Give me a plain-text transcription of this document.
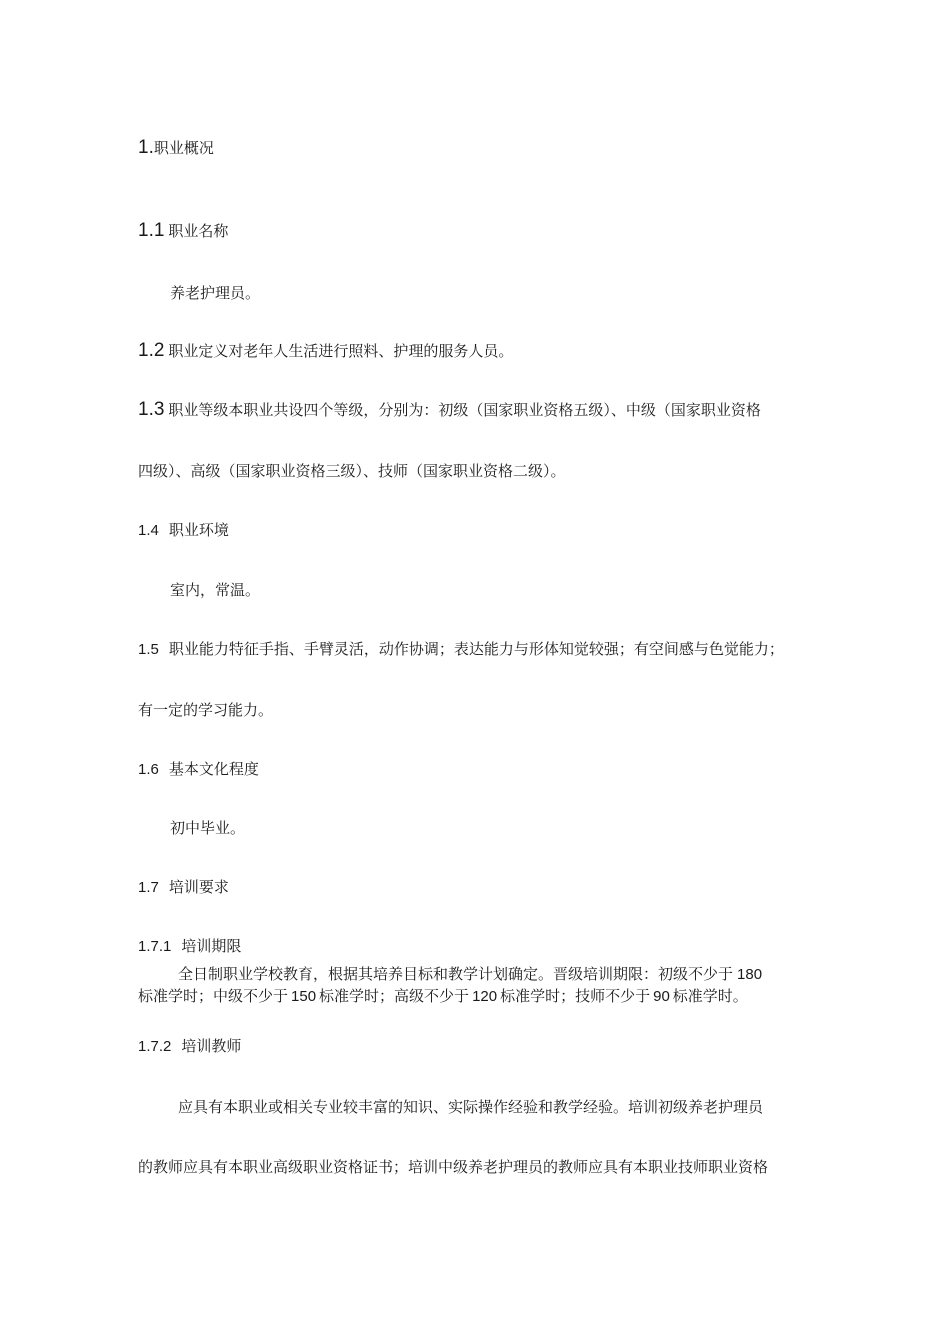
1.职业概况
1.1 职业名称
养老护理员。
1.2 职业定义对老年人生活进行照料、护理的服务人员。
1.3 职业等级本职业共设四个等级，分别为：初级（国家职业资格五级）、中级（国家职业资格
四级）、高级（国家职业资格三级）、技师（国家职业资格二级）。
1.4 职业环境
室内，常温。
1.5 职业能力特征手指、手臂灵活，动作协调；表达能力与形体知觉较强；有空间感与色觉能力；
有一定的学习能力。
1.6 基本文化程度
初中毕业。
1.7 培训要求
1.7.1 培训期限
全日制职业学校教育，根据其培养目标和教学计划确定。晋级培训期限：初级不少于 180
标准学时；中级不少于 150 标准学时；高级不少于 120 标准学时；技师不少于 90 标准学时。
1.7.2 培训教师
应具有本职业或相关专业较丰富的知识、实际操作经验和教学经验。培训初级养老护理员
的教师应具有本职业高级职业资格证书；培训中级养老护理员的教师应具有本职业技师职业资格
